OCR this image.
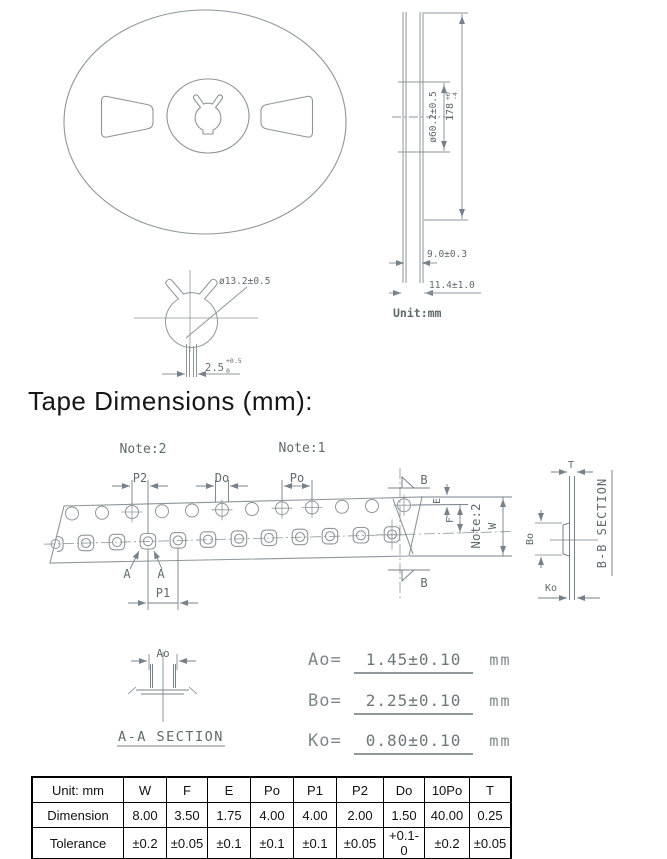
ø60.2±0.5 178
+0 -4
9.0±0.3
11.4±1.0
Unit:mm
ø13.2±0.5
2.5
+0.5
0
Tape Dimensions (mm):
Note:2	Note:1
P2	Do	Po
A A
P1
B
B
E
F Note:2 W
T
Bo
Ko
B-B SECTION
Ao
A-A SECTION
Ao=	1.45±0.10	mm
Bo=	2.25±0.10	mm
Ko=	0.80±0.10	mm
Unit: mm	W	F	E	Po	P1	P2	Do	10Po	T
Dimension	8.00	3.50	1.75	4.00	4.00	2.00	1.50	40.00	0.25
Tolerance	±0.2	±0.05	±0.1	±0.1	±0.1	±0.05	+0.1-0	±0.2	±0.05
